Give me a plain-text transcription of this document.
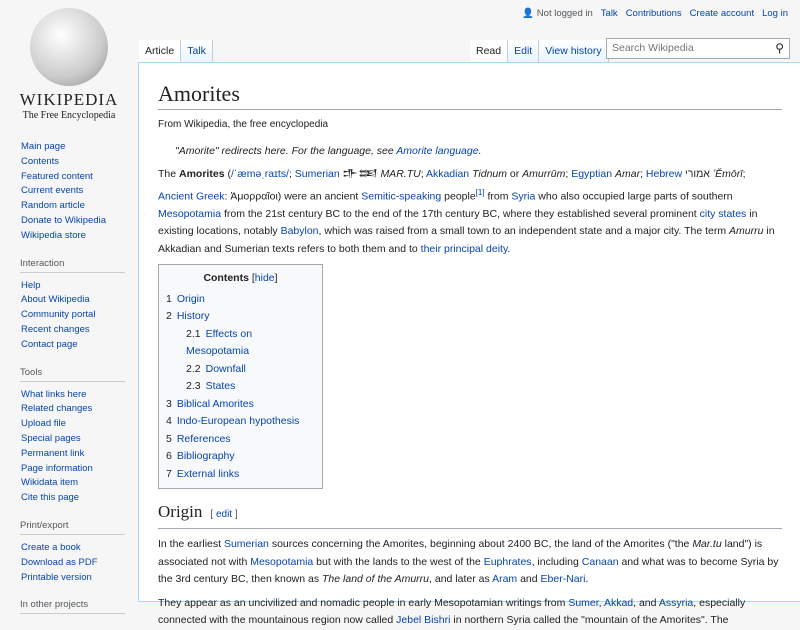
WIKIPEDIA
The Free Encyclopedia
👤 Not logged in Talk Contributions Create account Log in
Article	Talk	Read	Edit	View history Search Wikipedia	⚲
Main page
Contents
Featured content
Current events
Random article
Donate to Wikipedia
Wikipedia store
Interaction
Help
About Wikipedia
Community portal
Recent changes
Contact page
Tools
What links here
Related changes
Upload file
Special pages
Permanent link
Page information
Wikidata item
Cite this page
Print/export
Create a book
Download as PDF
Printable version
In other projects
Amorites
From Wikipedia, the free encyclopedia
"Amorite" redirects here. For the language, see Amorite language.

The Amorites (/ˈæməˌraɪts/; Sumerian 𒈥𒌅 MAR.TU; Akkadian Tidnum or Amurrūm; Egyptian Amar; Hebrew אמורי ʼĔmōrī; Ancient Greek: Ἀμορραῖοι) were an ancient Semitic-speaking people[1] from Syria who also occupied large parts of southern Mesopotamia from the 21st century BC to the end of the 17th century BC, where they established several prominent city states in existing locations, notably Babylon, which was raised from a small town to an independent state and a major city. The term Amurru in Akkadian and Sumerian texts refers to both them and to their principal deity.

Contents [hide]
1 Origin
2 History
2.1 Effects on Mesopotamia
2.2 Downfall
2.3 States
3 Biblical Amorites
4 Indo-European hypothesis
5 References
6 Bibliography
7 External links
Origin [ edit ]

In the earliest Sumerian sources concerning the Amorites, beginning about 2400 BC, the land of the Amorites ("the Mar.tu land") is associated not with Mesopotamia but with the lands to the west of the Euphrates, including Canaan and what was to become Syria by the 3rd century BC, then known as The land of the Amurru, and later as Aram and Eber-Nari.

They appear as an uncivilized and nomadic people in early Mesopotamian writings from Sumer, Akkad, and Assyria, especially connected with the mountainous region now called Jebel Bishri in northern Syria called the "mountain of the Amorites". The
